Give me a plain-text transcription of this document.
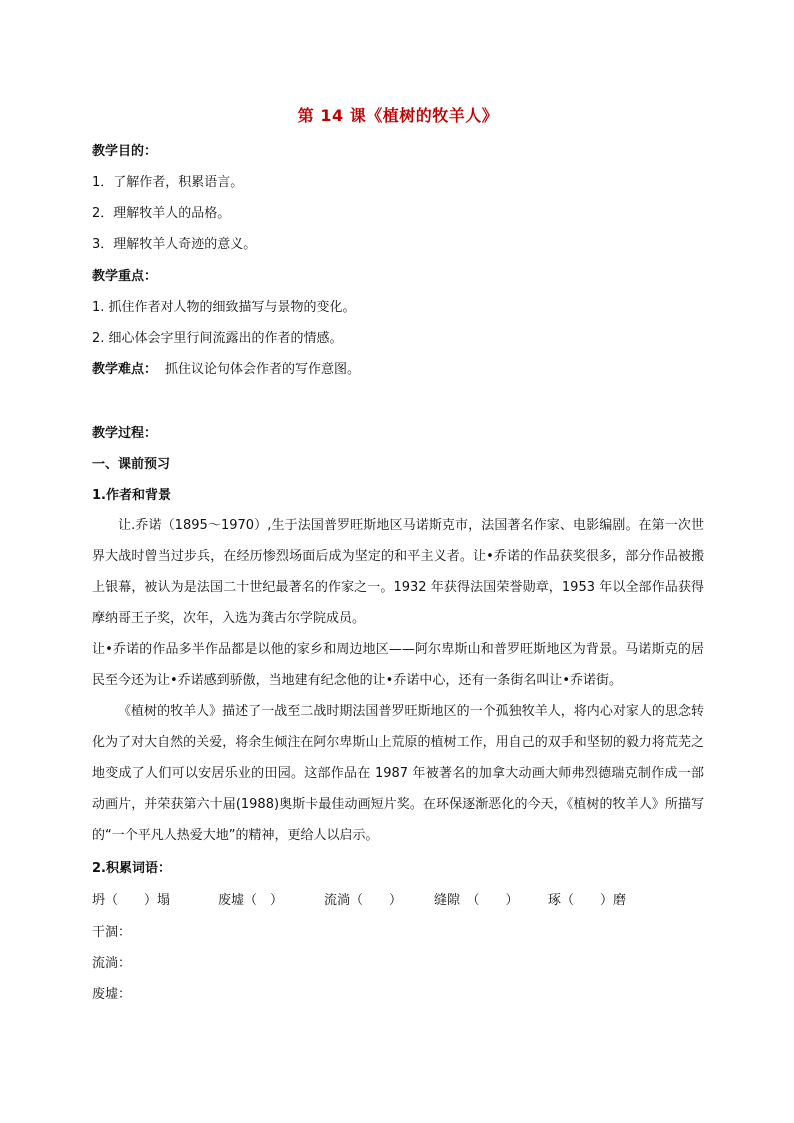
第 14 课《植树的牧羊人》
教学目的：
1．了解作者，积累语言。
2．理解牧羊人的品格。
3．理解牧羊人奇迹的意义。
教学重点：
1. 抓住作者对人物的细致描写与景物的变化。
2. 细心体会字里行间流露出的作者的情感。
教学难点： 抓住议论句体会作者的写作意图。
教学过程：
一、课前预习
1.作者和背景
让.乔诺（1895～1970）,生于法国普罗旺斯地区马诺斯克市，法国著名作家、电影编剧。在第一次世界大战时曾当过步兵，在经历惨烈场面后成为坚定的和平主义者。让•乔诺的作品获奖很多，部分作品被搬上银幕，被认为是法国二十世纪最著名的作家之一。1932 年获得法国荣誉勋章，1953 年以全部作品获得摩纳哥王子奖，次年，入选为龚古尔学院成员。
让•乔诺的作品多半作品都是以他的家乡和周边地区——阿尔卑斯山和普罗旺斯地区为背景。马诺斯克的居民至今还为让•乔诺感到骄傲，当地建有纪念他的让•乔诺中心，还有一条街名叫让•乔诺街。
《植树的牧羊人》描述了一战至二战时期法国普罗旺斯地区的一个孤独牧羊人，将内心对家人的思念转化为了对大自然的关爱，将余生倾注在阿尔卑斯山上荒原的植树工作，用自己的双手和坚韧的毅力将荒芜之地变成了人们可以安居乐业的田园。这部作品在 1987 年被著名的加拿大动画大师弗烈德瑞克制作成一部动画片，并荣获第六十届(1988)奥斯卡最佳动画短片奖。在环保逐渐恶化的今天，《植树的牧羊人》所描写的“一个平凡人热爱大地”的精神，更给人以启示。
2.积累词语：
坍（　　）塌	废墟（　）	流淌（　　） 缝隙　（　　） 琢（　　）磨
干涸：
流淌：
废墟：
